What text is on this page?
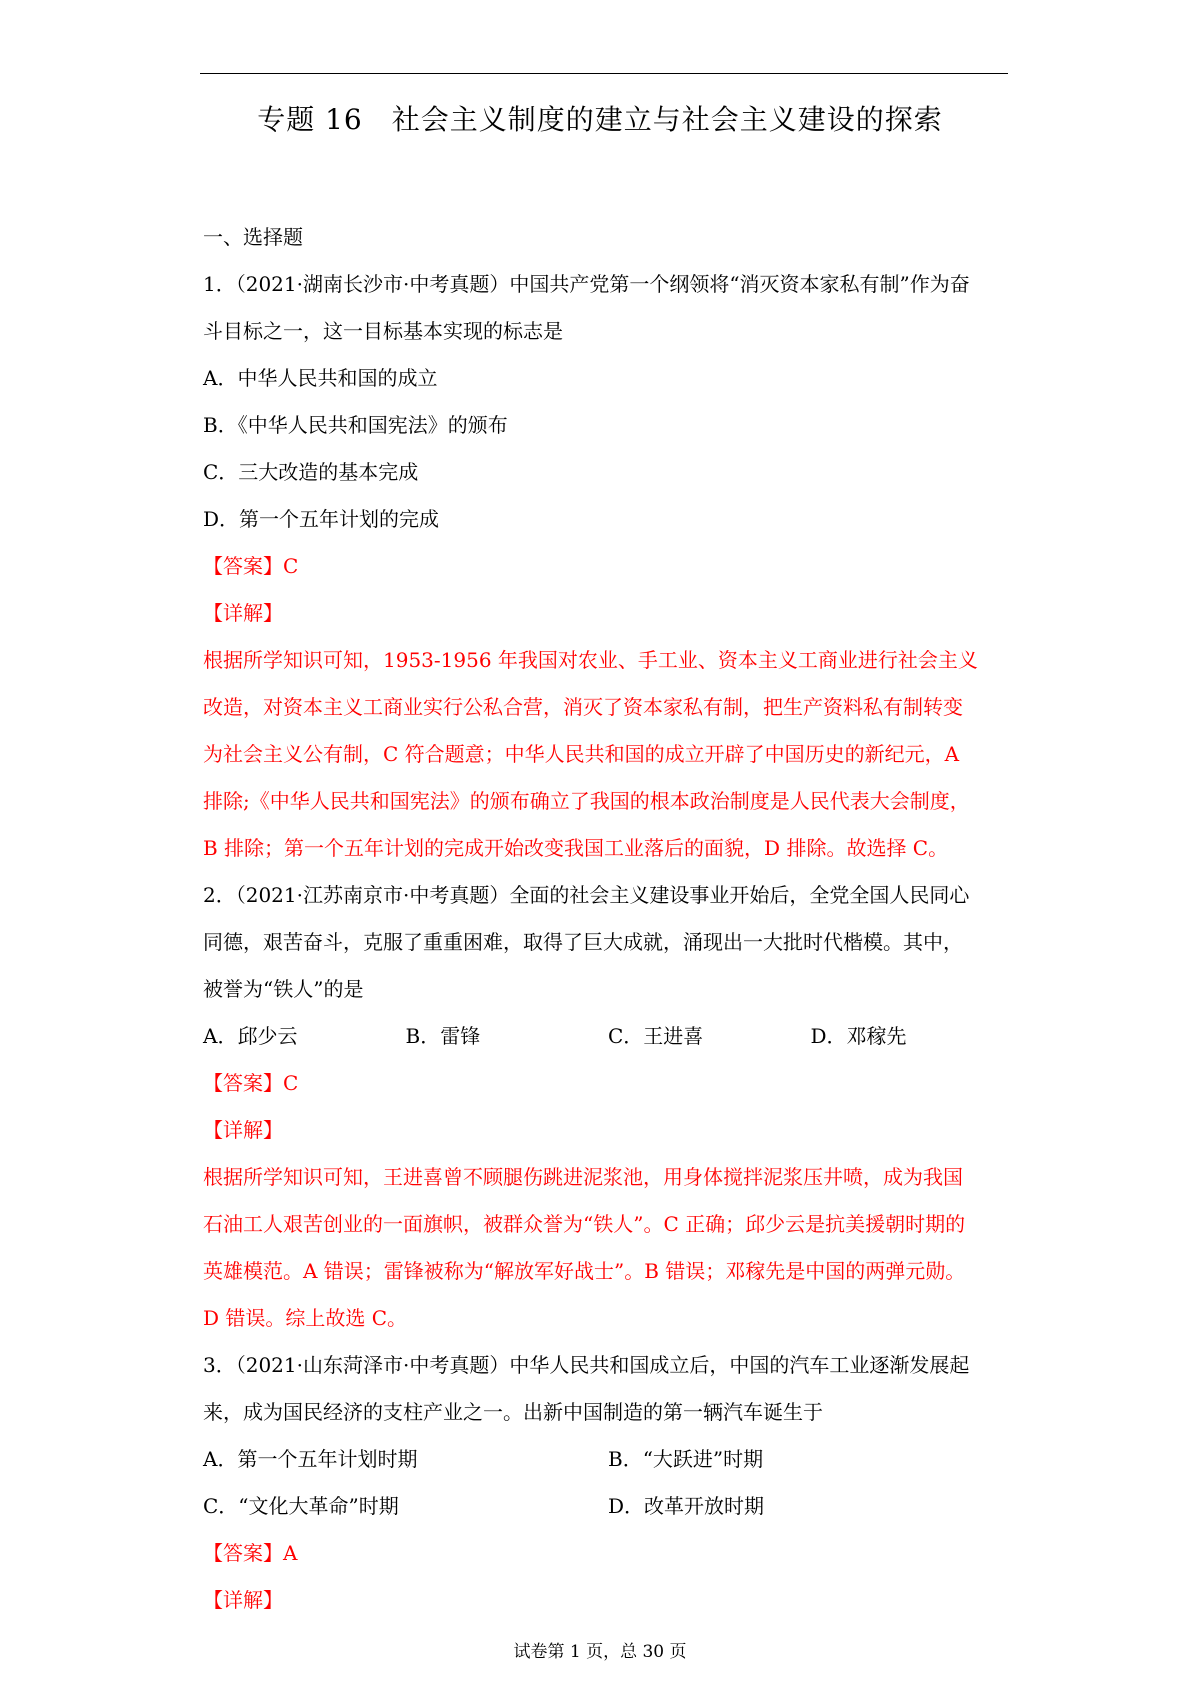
专题 16　社会主义制度的建立与社会主义建设的探索
一、选择题
1．（2021·湖南长沙市·中考真题）中国共产党第一个纲领将“消灭资本家私有制”作为奋
斗目标之一，这一目标基本实现的标志是
A．中华人民共和国的成立
B．《中华人民共和国宪法》的颁布
C．三大改造的基本完成
D．第一个五年计划的完成
【答案】C
【详解】
根据所学知识可知，1953-1956 年我国对农业、手工业、资本主义工商业进行社会主义
改造，对资本主义工商业实行公私合营，消灭了资本家私有制，把生产资料私有制转变
为社会主义公有制，C 符合题意；中华人民共和国的成立开辟了中国历史的新纪元，A
排除;《中华人民共和国宪法》的颁布确立了我国的根本政治制度是人民代表大会制度，
B 排除；第一个五年计划的完成开始改变我国工业落后的面貌，D 排除。故选择 C。
2．（2021·江苏南京市·中考真题）全面的社会主义建设事业开始后，全党全国人民同心
同德，艰苦奋斗，克服了重重困难，取得了巨大成就，涌现出一大批时代楷模。其中，
被誉为“铁人”的是
A．邱少云	B．雷锋	C．王进喜	D．邓稼先
【答案】C
【详解】
根据所学知识可知，王进喜曾不顾腿伤跳进泥浆池，用身体搅拌泥浆压井喷，成为我国
石油工人艰苦创业的一面旗帜，被群众誉为“铁人”。C 正确；邱少云是抗美援朝时期的
英雄模范。A 错误；雷锋被称为“解放军好战士”。B 错误；邓稼先是中国的两弹元勋。
D 错误。综上故选 C。
3．（2021·山东菏泽市·中考真题）中华人民共和国成立后，中国的汽车工业逐渐发展起
来，成为国民经济的支柱产业之一。出新中国制造的第一辆汽车诞生于
A．第一个五年计划时期	B．“大跃进”时期
C．“文化大革命”时期	D．改革开放时期
【答案】A
【详解】
试卷第 1 页，总 30 页
